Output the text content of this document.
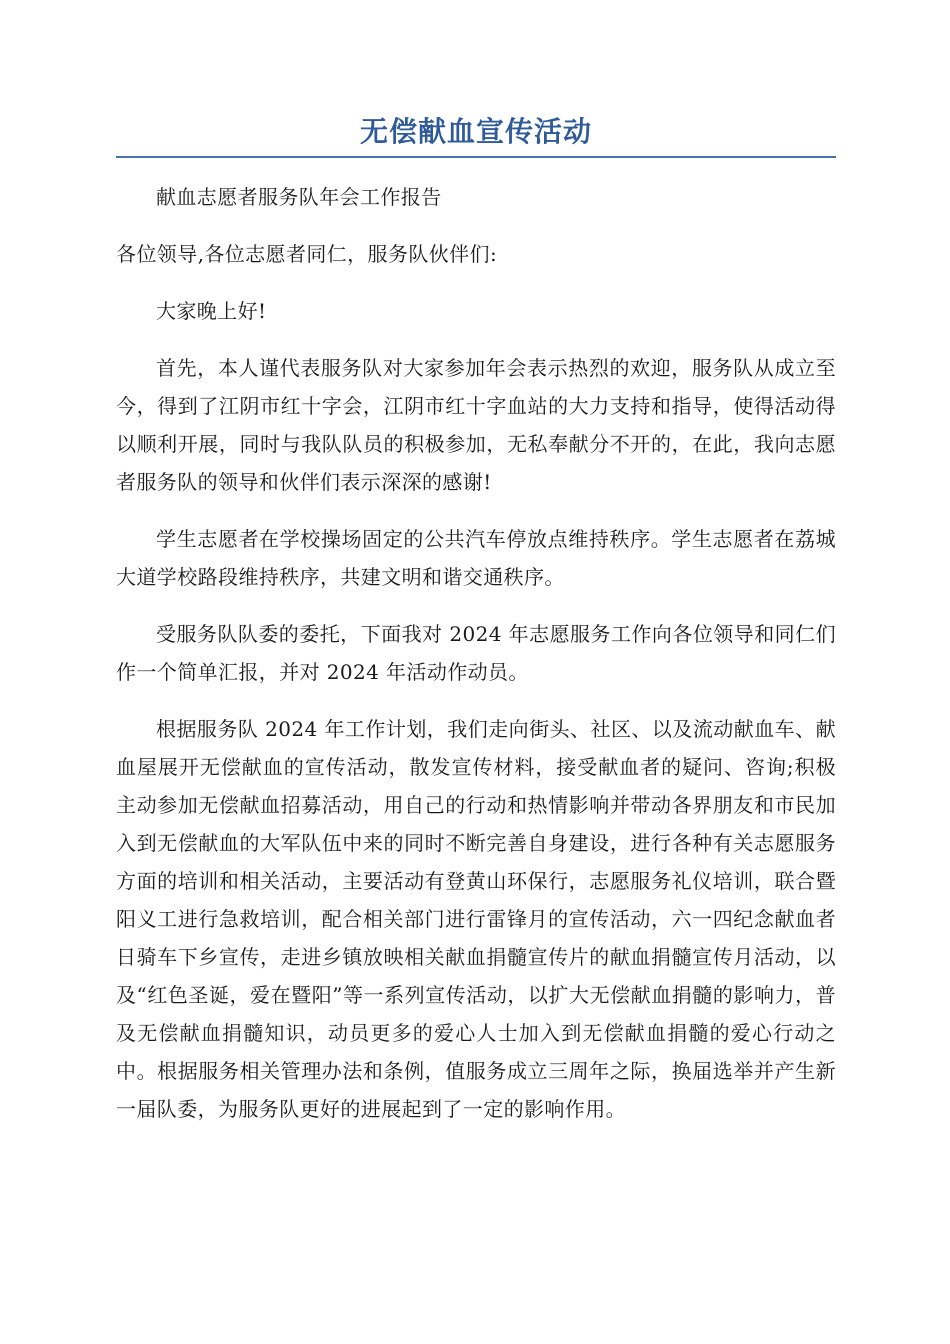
无偿献血宣传活动

献血志愿者服务队年会工作报告

各位领导,各位志愿者同仁，服务队伙伴们:

大家晚上好!

首先，本人谨代表服务队对大家参加年会表示热烈的欢迎，服务队从成立至今，得到了江阴市红十字会，江阴市红十字血站的大力支持和指导，使得活动得以顺利开展，同时与我队队员的积极参加，无私奉献分不开的，在此，我向志愿者服务队的领导和伙伴们表示深深的感谢!

学生志愿者在学校操场固定的公共汽车停放点维持秩序。学生志愿者在荔城大道学校路段维持秩序，共建文明和谐交通秩序。

受服务队队委的委托，下面我对 2024 年志愿服务工作向各位领导和同仁们作一个简单汇报，并对 2024 年活动作动员。

根据服务队 2024 年工作计划，我们走向街头、社区、以及流动献血车、献血屋展开无偿献血的宣传活动，散发宣传材料，接受献血者的疑问、咨询;积极主动参加无偿献血招募活动，用自己的行动和热情影响并带动各界朋友和市民加入到无偿献血的大军队伍中来的同时不断完善自身建设，进行各种有关志愿服务方面的培训和相关活动，主要活动有登黄山环保行，志愿服务礼仪培训，联合暨阳义工进行急救培训，配合相关部门进行雷锋月的宣传活动，六一四纪念献血者日骑车下乡宣传，走进乡镇放映相关献血捐髓宣传片的献血捐髓宣传月活动，以及“红色圣诞，爱在暨阳”等一系列宣传活动，以扩大无偿献血捐髓的影响力，普及无偿献血捐髓知识，动员更多的爱心人士加入到无偿献血捐髓的爱心行动之中。根据服务相关管理办法和条例，值服务成立三周年之际，换届选举并产生新一届队委，为服务队更好的进展起到了一定的影响作用。
